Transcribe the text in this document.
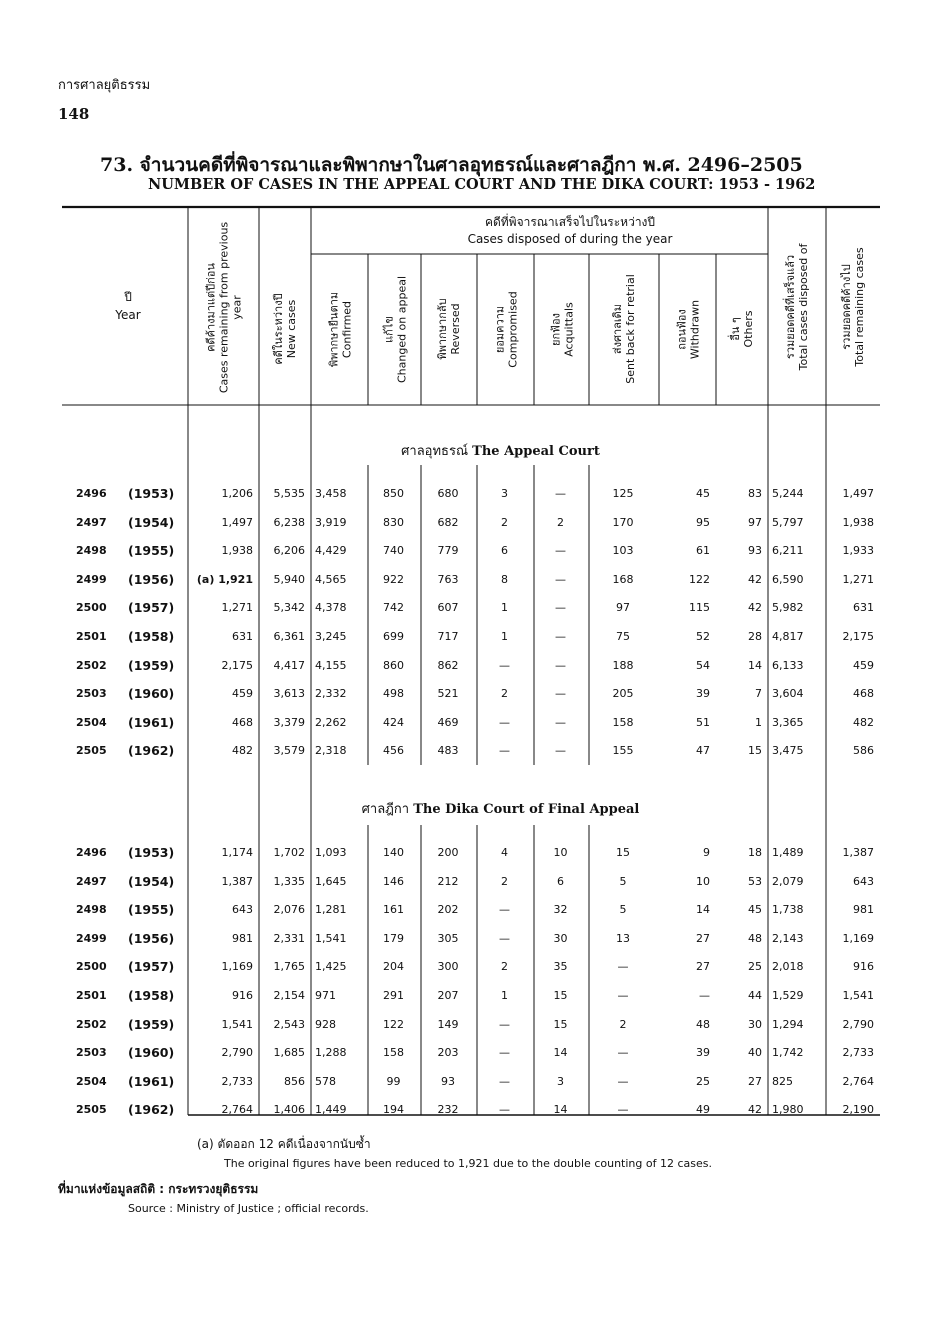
การศาลยุติธรรม
148
73. จำนวนคดีที่พิจารณาและพิพากษาในศาลอุทธรณ์และศาลฎีกา พ.ศ. 2496–2505
NUMBER OF CASES IN THE APPEAL COURT AND THE DIKA COURT: 1953 - 1962
ปี
Year
คดีที่พิจารณาเสร็จไปในระหว่างปี
Cases disposed of during the year
คดีค้างมาแต่ปีก่อน Cases remaining from previous year	คดีในระหว่างปี New cases	พิพากษายืนตาม Confirmed	แก้ไข Changed on appeal	พิพากษากลับ Reversed	ยอมความ Compromised	ยกฟ้อง Acquittals	ส่งศาลเดิม Sent back for retrial	ถอนฟ้อง Withdrawn	อื่น ๆ Others	รวมยอดคดีที่เสร็จแล้ว Total cases disposed of	รวมยอดคดีค้างไป Total remaining cases
ศาลอุทธรณ์ The Appeal Court
2496 (1953)	1,206	5,535 3,458	850	680	3	—	125	45	83 5,244	1,497
2497 (1954)	1,497	6,238 3,919	830	682	2	2	170	95	97 5,797	1,938
2498 (1955)	1,938	6,206 4,429	740	779	6	—	103	61	93 6,211	1,933
2499 (1956)	(a) 1,921	5,940 4,565	922	763	8	—	168	122	42 6,590	1,271
2500 (1957)	1,271	5,342 4,378	742	607	1	—	97	115	42 5,982	631
2501 (1958)	631	6,361 3,245	699	717	1	—	75	52	28 4,817	2,175
2502 (1959)	2,175	4,417 4,155	860	862	—	—	188	54	14 6,133	459
2503 (1960)	459	3,613 2,332	498	521	2	—	205	39	7 3,604	468
2504 (1961)	468	3,379 2,262	424	469	—	—	158	51	1 3,365	482
2505 (1962)	482	3,579 2,318	456	483	—	—	155	47	15 3,475	586
ศาลฎีกา The Dika Court of Final Appeal
2496 (1953)	1,174	1,702 1,093	140	200	4	10	15	9	18 1,489	1,387
2497 (1954)	1,387	1,335 1,645	146	212	2	6	5	10	53 2,079	643
2498 (1955)	643	2,076 1,281	161	202	—	32	5	14	45 1,738	981
2499 (1956)	981	2,331 1,541	179	305	—	30	13	27	48 2,143	1,169
2500 (1957)	1,169	1,765 1,425	204	300	2	35	—	27	25 2,018	916
2501 (1958)	916	2,154 971	291	207	1	15	—	—	44 1,529	1,541
2502 (1959)	1,541	2,543 928	122	149	—	15	2	48	30 1,294	2,790
2503 (1960)	2,790	1,685 1,288	158	203	—	14	—	39	40 1,742	2,733
2504 (1961)	2,733	856 578	99	93	—	3	—	25	27 825	2,764
2505 (1962)	2,764	1,406 1,449	194	232	—	14	—	49	42 1,980	2,190
(a) ตัดออก 12 คดีเนื่องจากนับซ้ำ
The original figures have been reduced to 1,921 due to the double counting of 12 cases.
ที่มาแห่งข้อมูลสถิติ : กระทรวงยุติธรรม
Source : Ministry of Justice ; official records.
